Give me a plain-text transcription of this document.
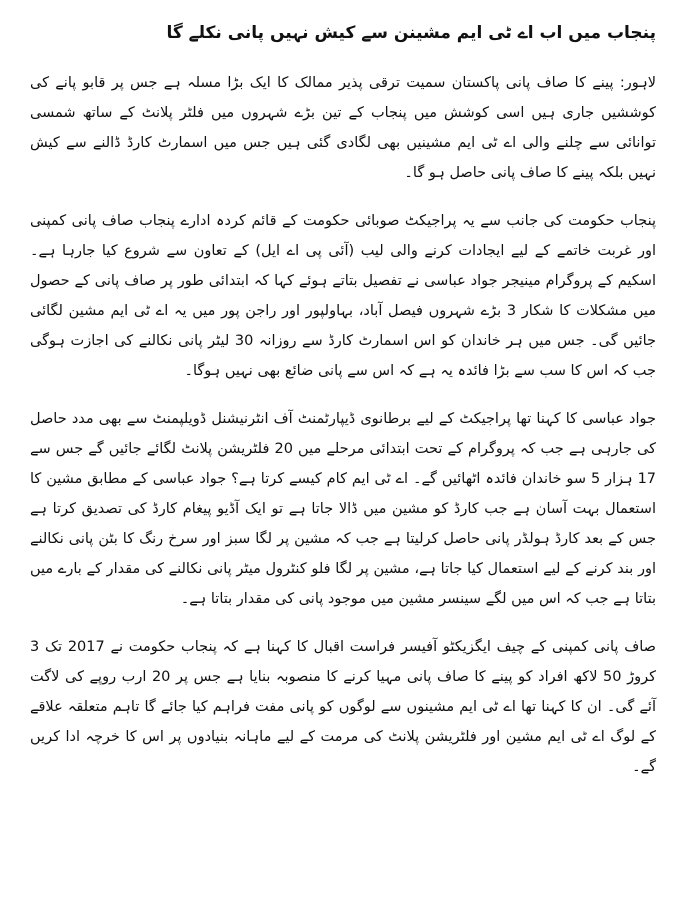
پنجاب میں اب اے ٹی ایم مشینن سے کیش نہیں پانی نکلے گا

لاہور: پینے کا صاف پانی پاکستان سمیت ترقی پذیر ممالک کا ایک بڑا مسلہ ہے جس پر قابو پانے کی کوششیں جاری ہیں اسی کوشش میں پنجاب کے تین بڑے شہروں میں فلٹر پلانٹ کے ساتھ شمسی توانائی سے چلنے والی اے ٹی ایم مشینیں بھی لگادی گئی ہیں جس میں اسمارٹ کارڈ ڈالنے سے کیش نہیں بلکہ پینے کا صاف پانی حاصل ہو گا۔

پنجاب حکومت کی جانب سے یہ پراجیکٹ صوبائی حکومت کے قائم کردہ ادارے پنجاب صاف پانی کمپنی اور غربت خاتمے کے لیے ایجادات کرنے والی لیب (آئی پی اے ایل) کے تعاون سے شروع کیا جارہا ہے۔ اسکیم کے پروگرام مینیجر جواد عباسی نے تفصیل بتاتے ہوئے کہا کہ ابتدائی طور پر صاف پانی کے حصول میں مشکلات کا شکار 3 بڑے شہروں فیصل آباد، بہاولپور اور راجن پور میں یہ اے ٹی ایم مشین لگائی جائیں گی۔ جس میں ہر خاندان کو اس اسمارٹ کارڈ سے روزانہ 30 لیٹر پانی نکالنے کی اجازت ہوگی جب کہ اس کا سب سے بڑا فائدہ یہ ہے کہ اس سے پانی ضائع بھی نہیں ہوگا۔

جواد عباسی کا کہنا تھا پراجیکٹ کے لیے برطانوی ڈیپارٹمنٹ آف انٹرنیشنل ڈویلپمنٹ سے بھی مدد حاصل کی جارہی ہے جب کہ پروگرام کے تحت ابتدائی مرحلے میں 20 فلٹریشن پلانٹ لگائے جائیں گے جس سے 17 ہزار 5 سو خاندان فائدہ اٹھائیں گے۔ اے ٹی ایم کام کیسے کرتا ہے؟ جواد عباسی کے مطابق مشین کا استعمال بہت آسان ہے جب کارڈ کو مشین میں ڈالا جاتا ہے تو ایک آڈیو پیغام کارڈ کی تصدیق کرتا ہے جس کے بعد کارڈ ہولڈر پانی حاصل کرلیتا ہے جب کہ مشین پر لگا سبز اور سرخ رنگ کا بٹن پانی نکالنے اور بند کرنے کے لیے استعمال کیا جاتا ہے، مشین پر لگا فلو کنٹرول میٹر پانی نکالنے کی مقدار کے بارے میں بتاتا ہے جب کہ اس میں لگے سینسر مشین میں موجود پانی کی مقدار بتاتا ہے۔

صاف پانی کمپنی کے چیف ایگزیکٹو آفیسر فراست اقبال کا کہنا ہے کہ پنجاب حکومت نے 2017 تک 3 کروڑ 50 لاکھ افراد کو پینے کا صاف پانی مہیا کرنے کا منصوبہ بنایا ہے جس پر 20 ارب روپے کی لاگت آئے گی۔ ان کا کہنا تھا اے ٹی ایم مشینوں سے لوگوں کو پانی مفت فراہم کیا جائے گا تاہم متعلقہ علاقے کے لوگ اے ٹی ایم مشین اور فلٹریشن پلانٹ کی مرمت کے لیے ماہانہ بنیادوں پر اس کا خرچہ ادا کریں گے۔
